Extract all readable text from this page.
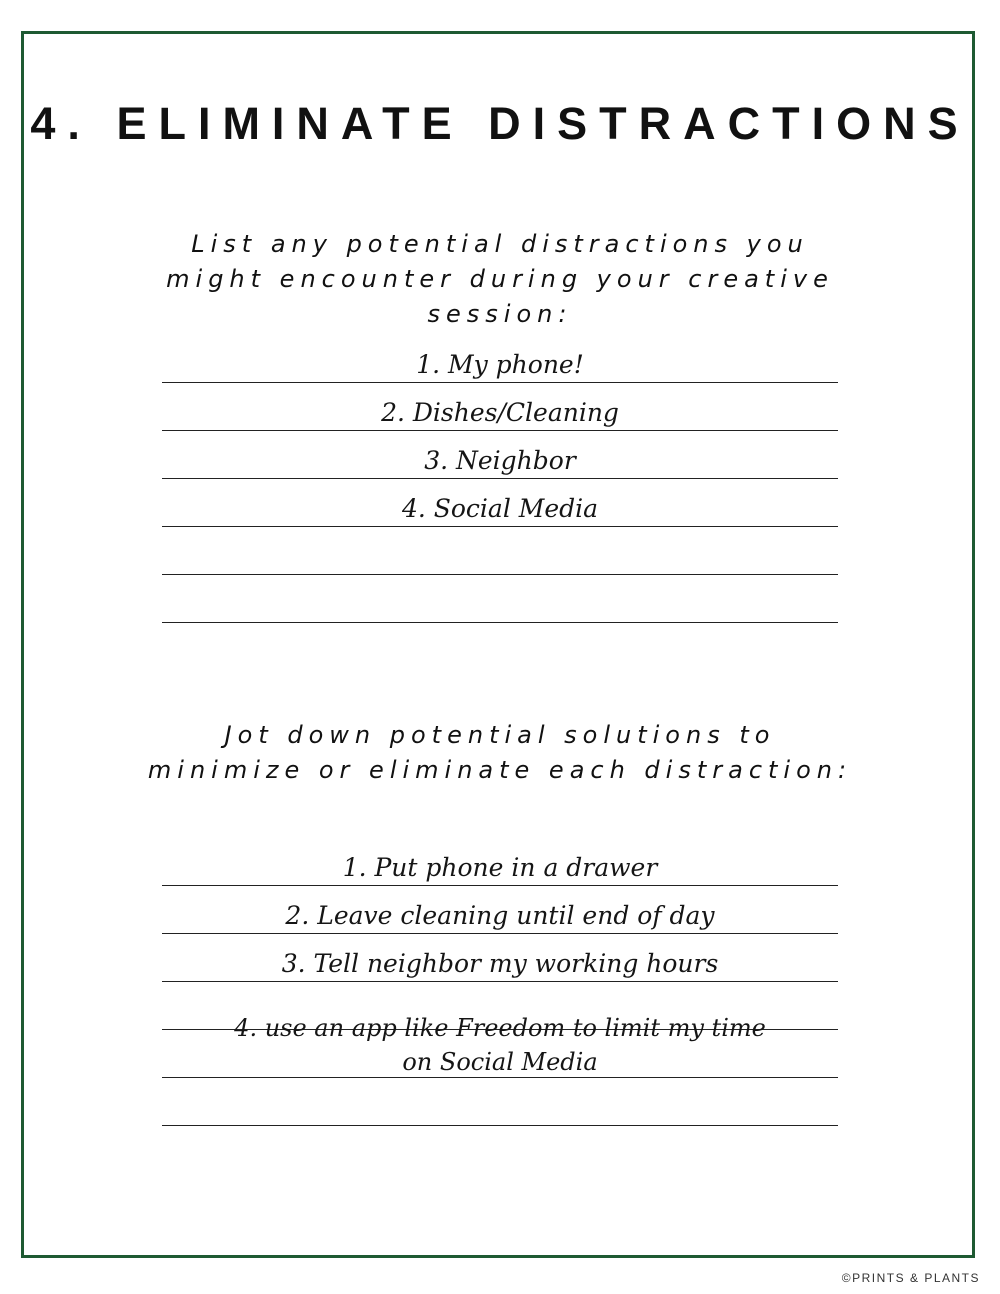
4. ELIMINATE DISTRACTIONS

List any potential distractions you might encounter during your creative session:

1. My phone!
2. Dishes/Cleaning
3. Neighbor
4. Social Media

Jot down potential solutions to minimize or eliminate each distraction:

1. Put phone in a drawer
2. Leave cleaning until end of day
3. Tell neighbor my working hours
4. use an app like Freedom to limit my time
on Social Media
©PRINTS & PLANTS
